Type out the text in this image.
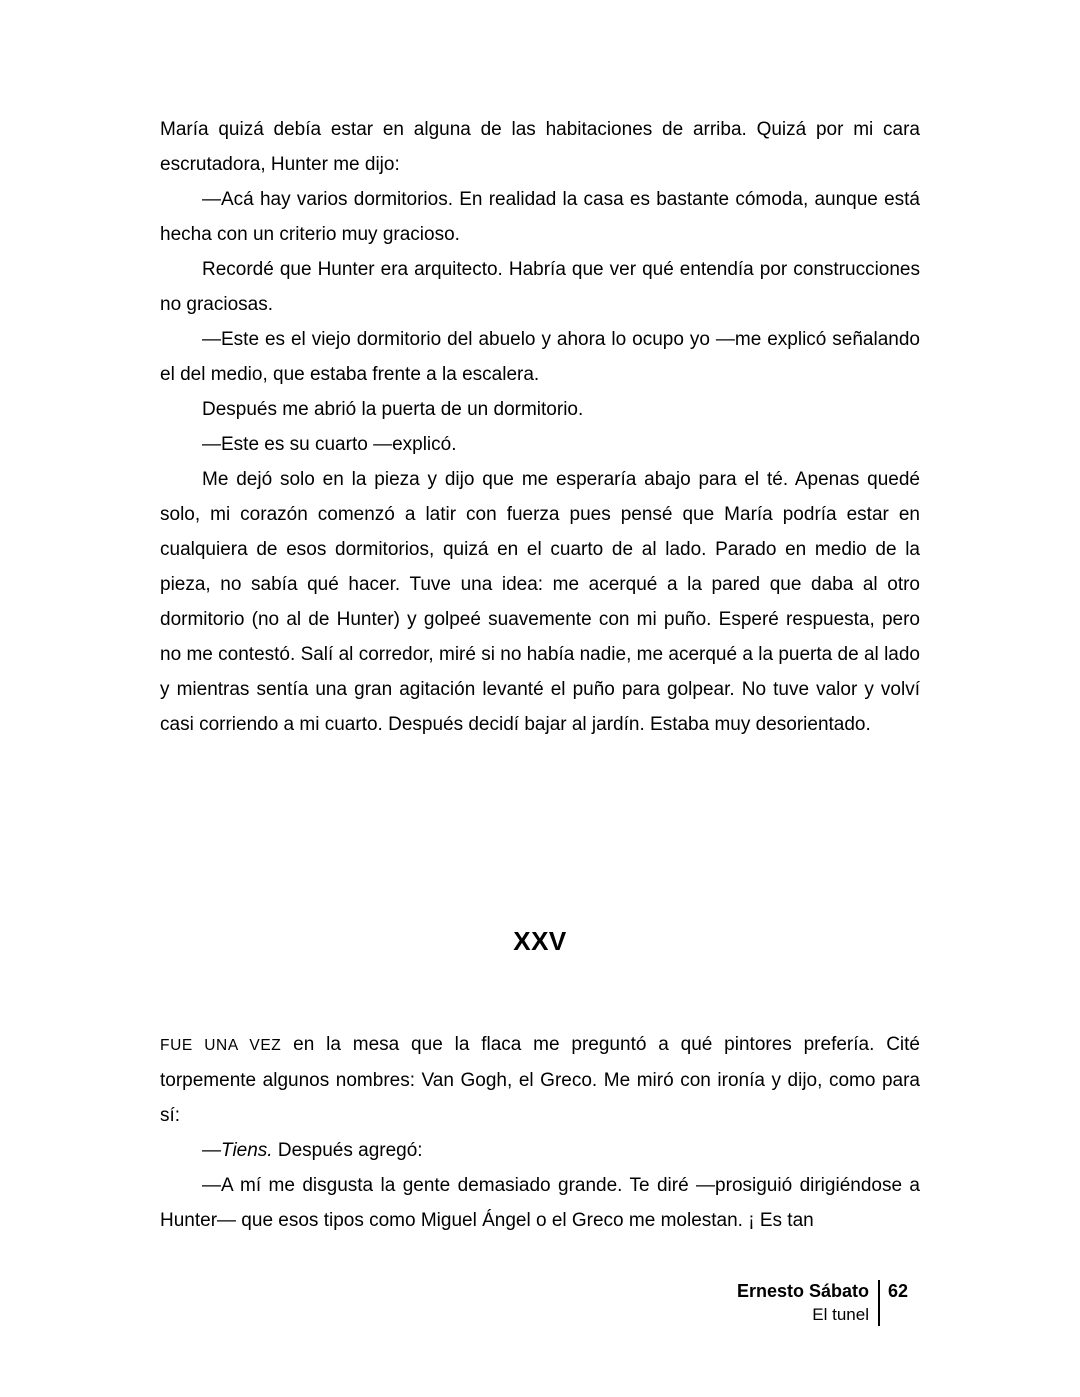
María quizá debía estar en alguna de las habitaciones de arriba. Quizá por mi cara escrutadora, Hunter me dijo:

—Acá hay varios dormitorios. En realidad la casa es bastante cómoda, aunque está hecha con un criterio muy gracioso.

Recordé que Hunter era arquitecto. Habría que ver qué entendía por construcciones no graciosas.

—Este es el viejo dormitorio del abuelo y ahora lo ocupo yo —me explicó señalando el del medio, que estaba frente a la escalera.

Después me abrió la puerta de un dormitorio.

—Este es su cuarto —explicó.

Me dejó solo en la pieza y dijo que me esperaría abajo para el té. Apenas quedé solo, mi corazón comenzó a latir con fuerza pues pensé que María podría estar en cualquiera de esos dormitorios, quizá en el cuarto de al lado. Parado en medio de la pieza, no sabía qué hacer. Tuve una idea: me acerqué a la pared que daba al otro dormitorio (no al de Hunter) y golpeé suavemente con mi puño. Esperé respuesta, pero no me contestó. Salí al corredor, miré si no había nadie, me acerqué a la puerta de al lado y mientras sentía una gran agitación levanté el puño para golpear. No tuve valor y volví casi corriendo a mi cuarto. Después decidí bajar al jardín. Estaba muy desorientado.

XXV

FUE UNA VEZ en la mesa que la flaca me preguntó a qué pintores prefería. Cité torpemente algunos nombres: Van Gogh, el Greco. Me miró con ironía y dijo, como para sí:

—Tiens. Después agregó:

—A mí me disgusta la gente demasiado grande. Te diré —prosiguió dirigiéndose a Hunter— que esos tipos como Miguel Ángel o el Greco me molestan. ¡ Es tan

Ernesto Sábato
El tunel
62
